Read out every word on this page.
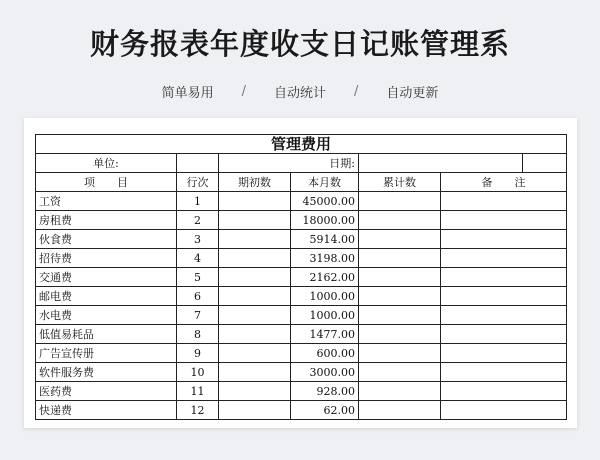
财务报表年度收支日记账管理系
简单易用 / 自动统计 / 自动更新
管理费用						
单位:		日期:				
项　　目	行次	期初数	本月数	累计数	备　　注	
工资	1		45000.00			
房租费	2		18000.00			
伙食费	3		5914.00			
招待费	4		3198.00			
交通费	5		2162.00			
邮电费	6		1000.00			
水电费	7		1000.00			
低值易耗品	8		1477.00			
广告宣传册	9		600.00			
软件服务费	10		3000.00			
医药费	11		928.00			
快递费	12		62.00			
